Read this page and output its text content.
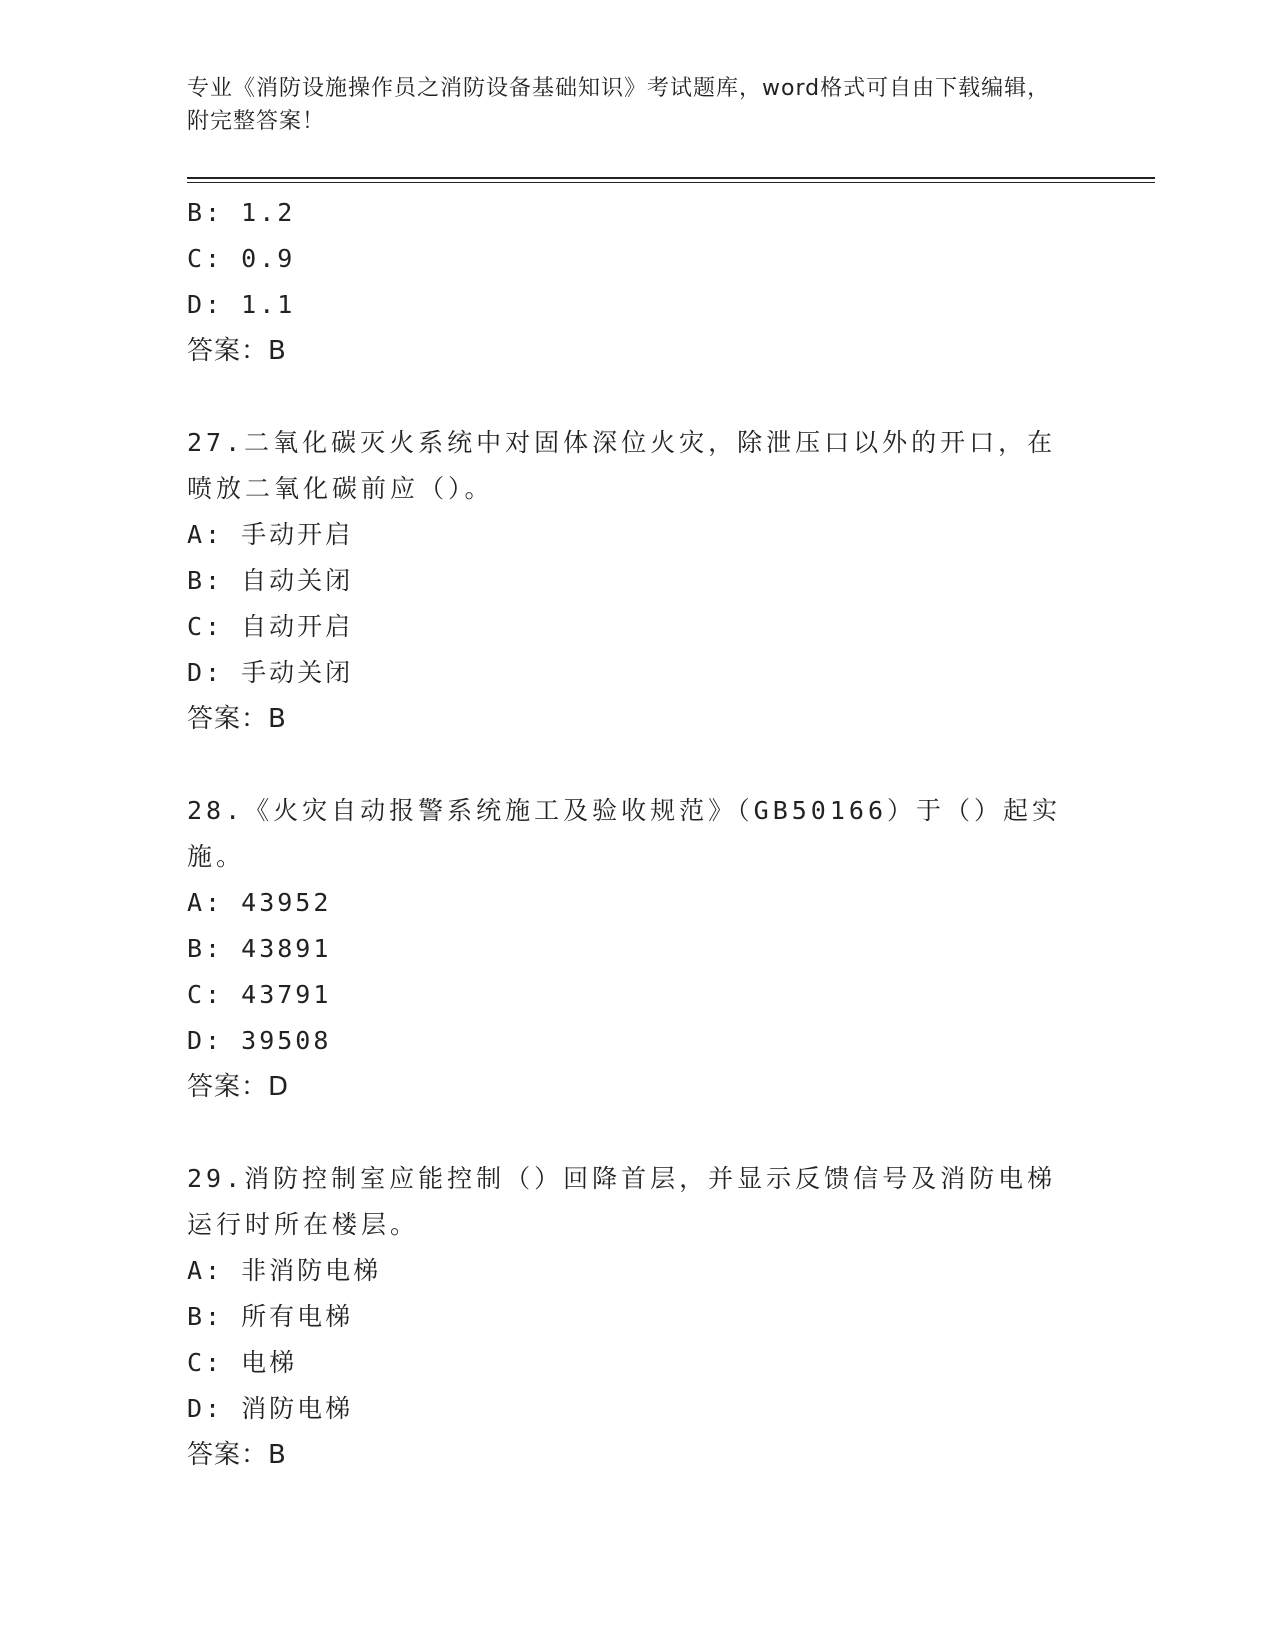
专业《消防设施操作员之消防设备基础知识》考试题库，word格式可自由下载编辑，附完整答案！
B: 1.2
C: 0.9
D: 1.1
答案：B
27.二氧化碳灭火系统中对固体深位火灾，除泄压口以外的开口，在喷放二氧化碳前应（）。
A: 手动开启
B: 自动关闭
C: 自动开启
D: 手动关闭
答案：B
28.《火灾自动报警系统施工及验收规范》（GB50166）于（）起实施。
A: 43952
B: 43891
C: 43791
D: 39508
答案：D
29.消防控制室应能控制（）回降首层，并显示反馈信号及消防电梯运行时所在楼层。
A: 非消防电梯
B: 所有电梯
C: 电梯
D: 消防电梯
答案：B
